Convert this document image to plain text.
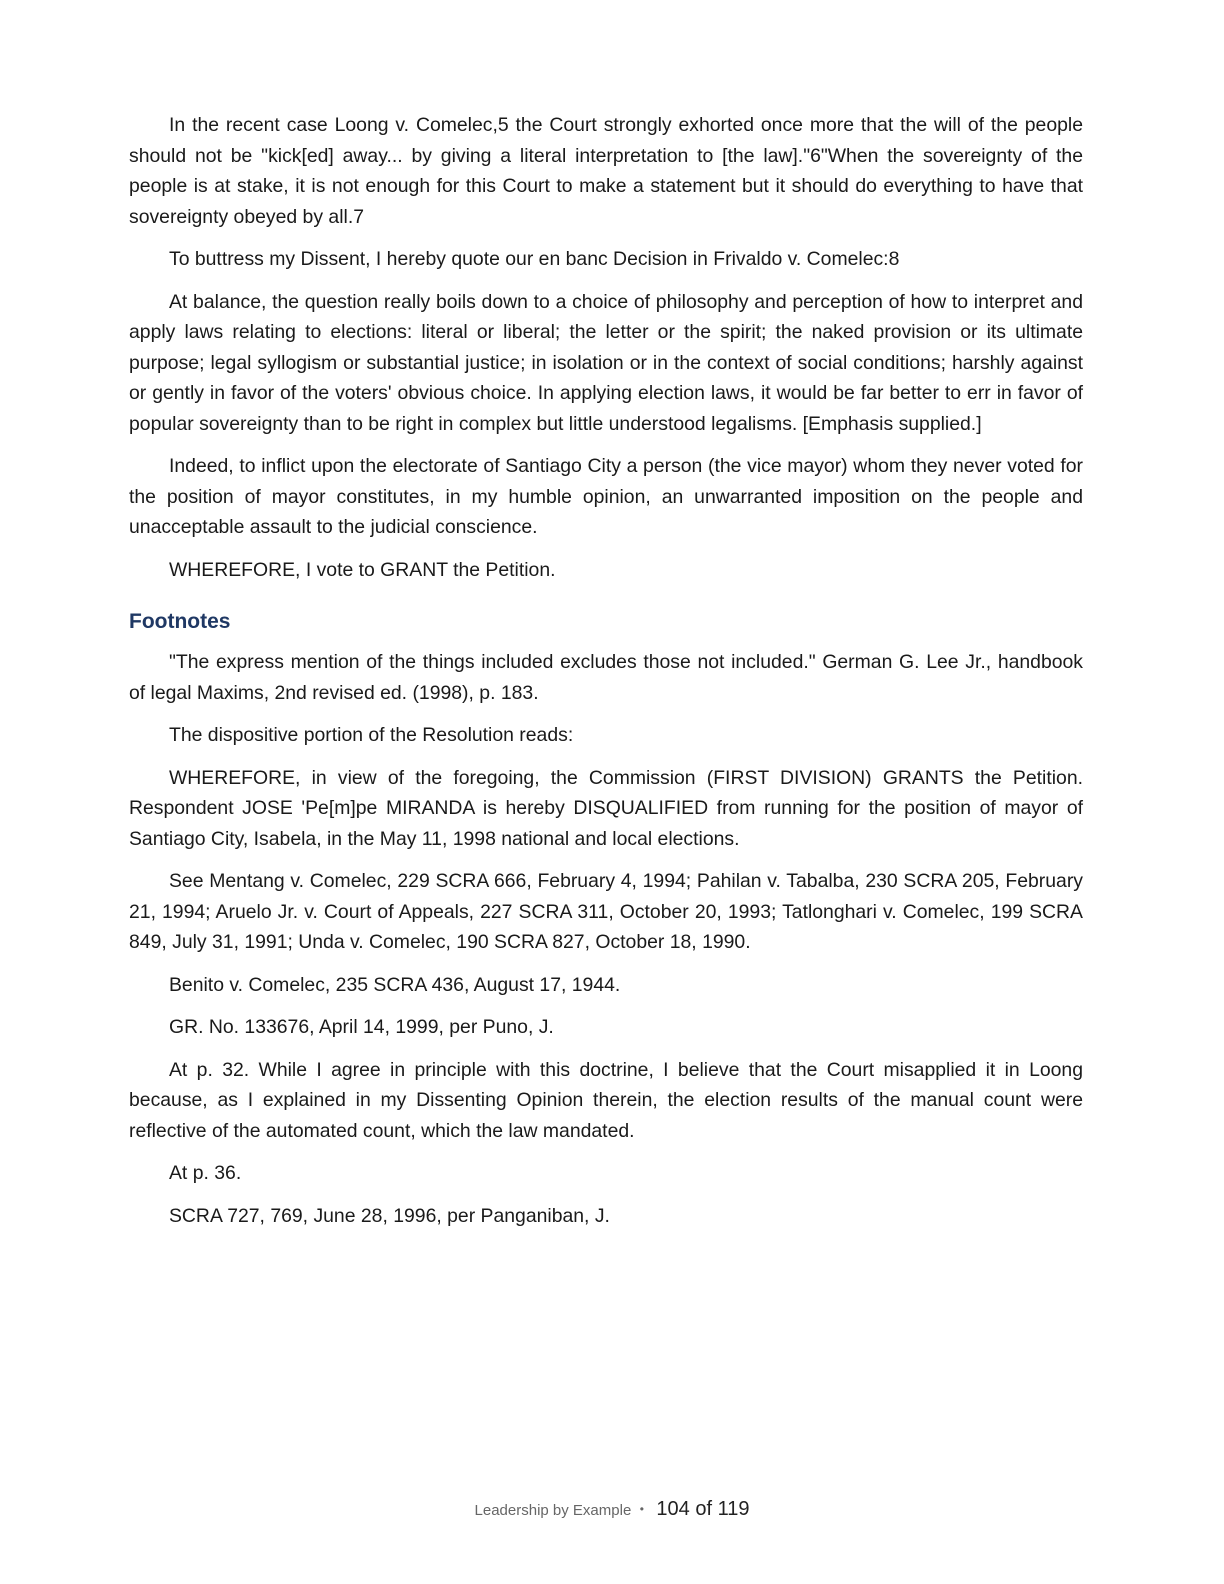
In the recent case Loong v. Comelec,5 the Court strongly exhorted once more that the will of the people should not be "kick[ed] away... by giving a literal interpretation to [the law]."6"When the sovereignty of the people is at stake, it is not enough for this Court to make a statement but it should do everything to have that sovereignty obeyed by all.7

To buttress my Dissent, I hereby quote our en banc Decision in Frivaldo v. Comelec:8

At balance, the question really boils down to a choice of philosophy and perception of how to interpret and apply laws relating to elections: literal or liberal; the letter or the spirit; the naked provision or its ultimate purpose; legal syllogism or substantial justice; in isolation or in the context of social conditions; harshly against or gently in favor of the voters' obvious choice. In applying election laws, it would be far better to err in favor of popular sovereignty than to be right in complex but little understood legalisms. [Emphasis supplied.]

Indeed, to inflict upon the electorate of Santiago City a person (the vice mayor) whom they never voted for the position of mayor constitutes, in my humble opinion, an unwarranted imposition on the people and unacceptable assault to the judicial conscience.

WHEREFORE, I vote to GRANT the Petition.

Footnotes

"The express mention of the things included excludes those not included." German G. Lee Jr., handbook of legal Maxims, 2nd revised ed. (1998), p. 183.

The dispositive portion of the Resolution reads:

WHEREFORE, in view of the foregoing, the Commission (FIRST DIVISION) GRANTS the Petition. Respondent JOSE 'Pe[m]pe MIRANDA is hereby DISQUALIFIED from running for the position of mayor of Santiago City, Isabela, in the May 11, 1998 national and local elections.

See Mentang v. Comelec, 229 SCRA 666, February 4, 1994; Pahilan v. Tabalba, 230 SCRA 205, February 21, 1994; Aruelo Jr. v. Court of Appeals, 227 SCRA 311, October 20, 1993; Tatlonghari v. Comelec, 199 SCRA 849, July 31, 1991; Unda v. Comelec, 190 SCRA 827, October 18, 1990.

Benito v. Comelec, 235 SCRA 436, August 17, 1944.

GR. No. 133676, April 14, 1999, per Puno, J.

At p. 32. While I agree in principle with this doctrine, I believe that the Court misapplied it in Loong because, as I explained in my Dissenting Opinion therein, the election results of the manual count were reflective of the automated count, which the law mandated.

At p. 36.

SCRA 727, 769, June 28, 1996, per Panganiban, J.

Leadership by Example • 104 of 119
